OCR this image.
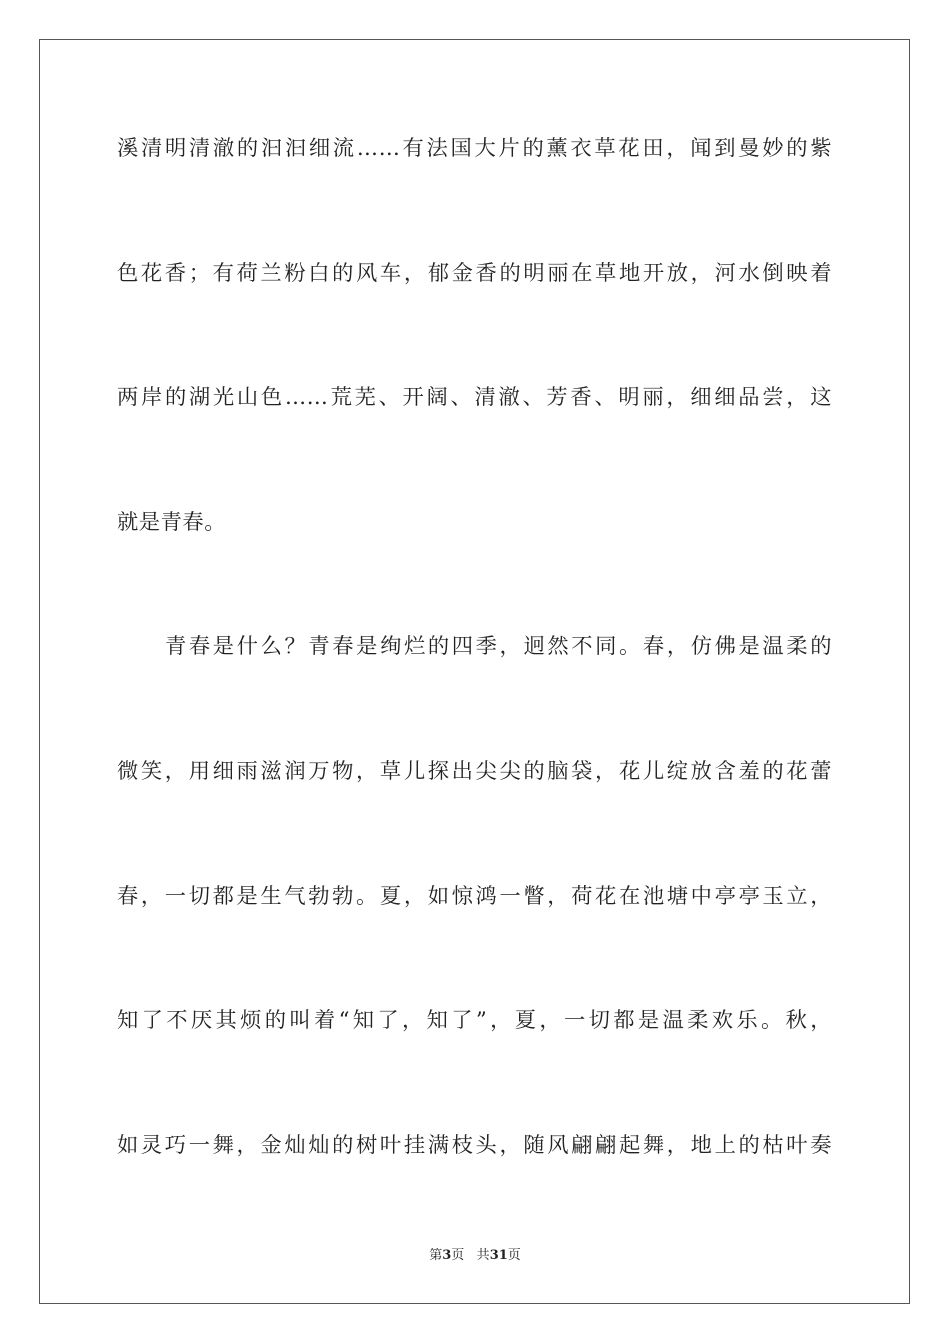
溪清明清澈的汩汩细流……有法国大片的薰衣草花田，闻到曼妙的紫
色花香；有荷兰粉白的风车，郁金香的明丽在草地开放，河水倒映着
两岸的湖光山色……荒芜、开阔、清澈、芳香、明丽，细细品尝，这
就是青春。
青春是什么？青春是绚烂的四季，迥然不同。春，仿佛是温柔的
微笑，用细雨滋润万物，草儿探出尖尖的脑袋，花儿绽放含羞的花蕾
春，一切都是生气勃勃。夏，如惊鸿一瞥，荷花在池塘中亭亭玉立，
知了不厌其烦的叫着“知了，知了”，夏，一切都是温柔欢乐。秋，
如灵巧一舞，金灿灿的树叶挂满枝头，随风翩翩起舞，地上的枯叶奏
第3页 共31页
